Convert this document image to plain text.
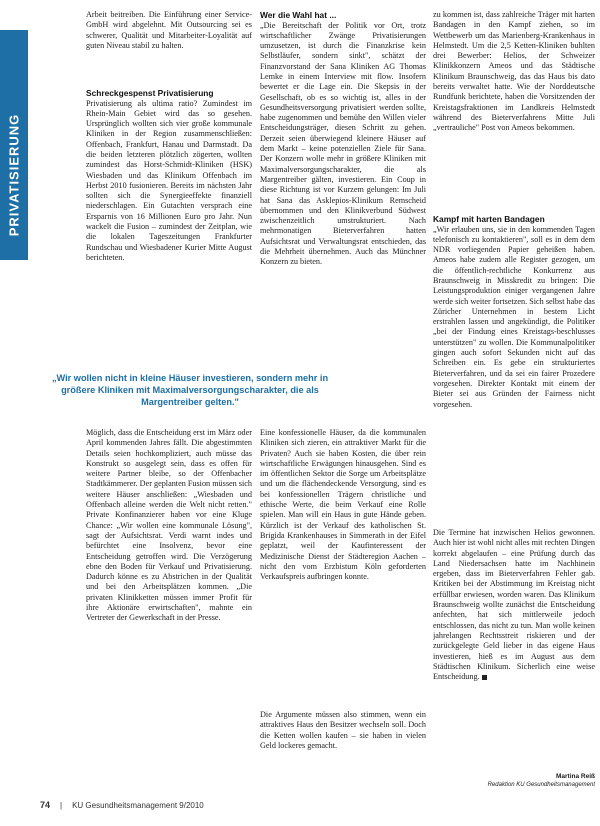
PRIVATISIERUNG

Arbeit beitreiben. Die Einführung einer Service-GmbH wird abgelehnt. Mit Outsourcing sei es schwerer, Qualität und Mitarbeiter-Loyalität auf guten Niveau stabil zu halten.

Schreckgespenst Privatisierung

Privatisierung als ultima ratio? Zumindest im Rhein-Main Gebiet wird das so gesehen. Ursprünglich wollten sich vier große kommunale Kliniken in der Region zusammenschließen: Offenbach, Frankfurt, Hanau und Darmstadt. Da die beiden letzteren plötzlich zögerten, wollten zumindest das Horst-Schmidt-Kliniken (HSK) Wiesbaden und das Klinikum Offenbach im Herbst 2010 fusionieren. Bereits im nächsten Jahr sollten sich die Synergieeffekte finanziell niederschlagen. Ein Gutachten versprach eine Ersparnis von 16 Millionen Euro pro Jahr. Nun wackelt die Fusion – zumindest der Zeitplan, wie die lokalen Tageszeitungen Frankfurter Rundschau und Wiesbadener Kurier Mitte August berichteten.

„Wir wollen nicht in kleine Häuser investieren, sondern mehr in größere Kliniken mit Maximalversorgungscharakter, die als Margentreiber gelten."

Möglich, dass die Entscheidung erst im März oder April kommenden Jahres fällt. Die abgestimmten Details seien hochkompliziert, auch müsse das Konstrukt so ausgelegt sein, dass es offen für weitere Partner bleibe, so der Offenbacher Stadtkämmerer. Der geplanten Fusion müssen sich weitere Häuser anschließen: „Wiesbaden und Offenbach alleine werden die Welt nicht retten." Private Konfinanzierer haben vor eine Kluge Chance: „Wir wollen eine kommunale Lösung", sagt der Aufsichtsrat. Verdi warnt indes und befürchtet eine Insolvenz, bevor eine Entscheidung getroffen wird. Die Verzögerung ebne den Boden für Verkauf und Privatisierung. Dadurch könne es zu Abstrichen in der Qualität und bei den Arbeitsplätzen kommen. „Die privaten Klinikketten müssen immer Profit für ihre Aktionäre erwirtschaften", mahnte ein Vertreter der Gewerkschaft in der Presse.

Wer die Wahl hat ...

„Die Bereitschaft der Politik vor Ort, trotz wirtschaftlicher Zwänge Privatisierungen umzusetzen, ist durch die Finanzkrise kein Selbstläufer, sondern sinkt", schätzt der Finanzvorstand der Sana Kliniken AG Thomas Lemke in einem Interview mit flow. Insofern bewertet er die Lage ein. Die Skepsis in der Gesellschaft, ob es so wichtig ist, alles in der Gesundheitsversorgung privatisiert werden sollte, habe zugenommen und bemühe den Willen vieler Entscheidungsträger, diesen Schritt zu gehen. Derzeit seien überwiegend kleinere Häuser auf dem Markt – keine potenziellen Ziele für Sana. Der Konzern wolle mehr in größere Kliniken mit Maximalversorgungscharakter, die als Margentreiber gälten, investieren. Ein Coup in diese Richtung ist vor Kurzem gelungen: Im Juli hat Sana das Asklepios-Klinikum Remscheid übernommen und den Klinikverbund Südwest zwischenzeitlich umstrukturiert. Nach mehrmonatigen Bieterverfahren hatten Aufsichtsrat und Verwaltungsrat entschieden, das die Mehrheit übernehmen. Auch das Münchner Konzern zu bieten.

Eine konfessionelle Häuser, da die kommunalen Kliniken sich zieren, ein attraktiver Markt für die Privaten? Auch sie haben Kosten, die über rein wirtschaftliche Erwägungen hinausgehen. Sind es im öffentlichen Sektor die Sorge um Arbeitsplätze und um die flächendeckende Versorgung, sind es bei konfessionellen Trägern christliche und ethische Werte, die beim Verkauf eine Rolle spielen. Man will ein Haus in gute Hände geben. Kürzlich ist der Verkauf des katholischen St. Brigida Krankenhauses in Simmerath in der Eifel geplatzt, weil der Kaufinteressent der Medizinische Dienst der Städteregion Aachen – nicht den vom Erzbistum Köln geforderten Verkaufspreis aufbringen konnte.

Die Argumente müssen also stimmen, wenn ein attraktives Haus den Besitzer wechseln soll. Doch die Ketten wollen kaufen – sie haben in vielen Geld lockeres gemacht.

zu kommen ist, dass zahlreiche Träger mit harten Bandagen in den Kampf ziehen, so im Wettbewerb um das Marienberg-Krankenhaus in Helmstedt. Um die 2,5 Ketten-Kliniken buhlten drei Bewerber: Helios, der Schweizer Klinikkonzern Ameos und das Städtische Klinikum Braunschweig, das das Haus bis dato bereits verwaltet hatte. Wie der Norddeutsche Rundfunk berichtete, haben die Vorsitzenden der Kreistagsfraktionen im Landkreis Helmstedt während des Bieterverfahrens Mitte Juli „vertrauliche" Post von Ameos bekommen.

Kampf mit harten Bandagen

„Wir erlauben uns, sie in den kommenden Tagen telefonisch zu kontaktieren", soll es in dem dem NDR vorliegenden Papier geheißen haben. Ameos habe zudem alle Register gezogen, um die öffentlich-rechtliche Konkurrenz aus Braunschweig in Misskredit zu bringen: Die Leistungsproduktion einiger vergangenen Jahre werde sich weiter fortsetzen. Sich selbst habe das Züricher Unternehmen in bestem Licht erstrahlen lassen und angekündigt, die Politiker „bei der Findung eines Kreistags-beschlusses unterstützen" zu wollen. Die Kommunalpolitiker gingen auch sofort Sekunden nicht auf das Schreiben ein. Es gebe ein strukturiertes Bieterverfahren, und da sei ein fairer Prozedere vorgesehen. Direkter Kontakt mit einem der Bieter sei aus Gründen der Fairness nicht vorgesehen.

Die Termine hat inzwischen Helios gewonnen. Auch hier ist wohl nicht alles mit rechten Dingen korrekt abgelaufen – eine Prüfung durch das Land Niedersachsen hatte im Nachhinein ergeben, dass im Bieterverfahren Fehler gab. Kritiken bei der Abstimmung im Kreistag nicht erfüllbar erwiesen, worden waren. Das Klinikum Braunschweig wollte zunächst die Entscheidung anfechten, hat sich mittlerweile jedoch entschlossen, das nicht zu tun. Man wolle keinen jahrelangen Rechtsstreit riskieren und der zurückgelegte Geld lieber in das eigene Haus investieren, hieß es im August aus dem Städtischen Klinikum. Sicherlich eine weise Entscheidung.

Martina Reiß
Redaktion KU Gesundheitsmanagement
74 | KU Gesundheitsmanagement 9/2010
